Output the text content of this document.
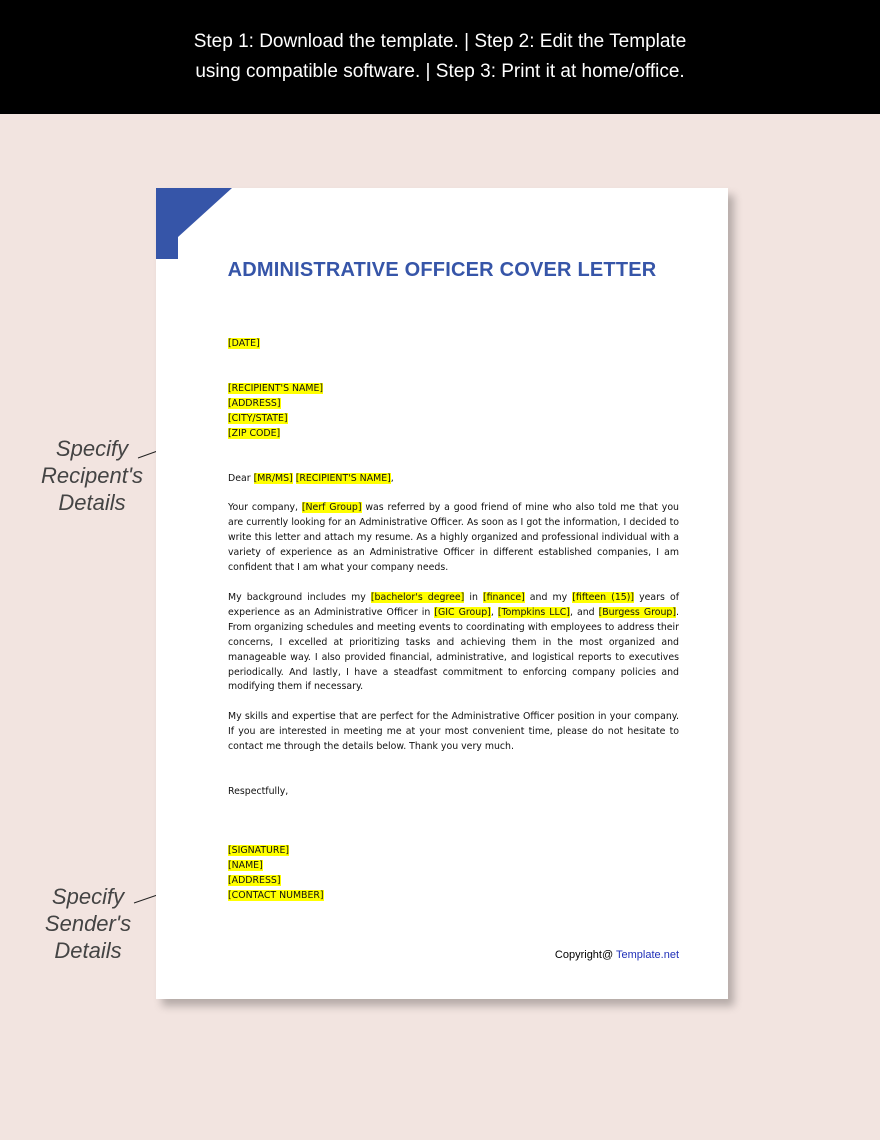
Step 1: Download the template. | Step 2: Edit the Template
using compatible software. | Step 3: Print it at home/office.
Specify
Recipent's
Details
Specify
Sender's
Details
ADMINISTRATIVE OFFICER COVER LETTER
[DATE]
[RECIPIENT'S NAME]
[ADDRESS]
[CITY/STATE]
[ZIP CODE]
Dear [MR/MS] [RECIPIENT'S NAME],

Your company, [Nerf Group] was referred by a good friend of mine who also told me that you are currently looking for an Administrative Officer. As soon as I got the information, I decided to write this letter and attach my resume. As a highly organized and professional individual with a variety of experience as an Administrative Officer in different established companies, I am confident that I am what your company needs.

My background includes my [bachelor's degree] in [finance] and my [fifteen (15)] years of experience as an Administrative Officer in [GIC Group], [Tompkins LLC], and [Burgess Group]. From organizing schedules and meeting events to coordinating with employees to address their concerns, I excelled at prioritizing tasks and achieving them in the most organized and manageable way. I also provided financial, administrative, and logistical reports to executives periodically. And lastly, I have a steadfast commitment to enforcing company policies and modifying them if necessary.

My skills and expertise that are perfect for the Administrative Officer position in your company. If you are interested in meeting me at your most convenient time, please do not hesitate to contact me through the details below. Thank you very much.

Respectfully,
[SIGNATURE]
[NAME]
[ADDRESS]
[CONTACT NUMBER]
Copyright@ Template.net
